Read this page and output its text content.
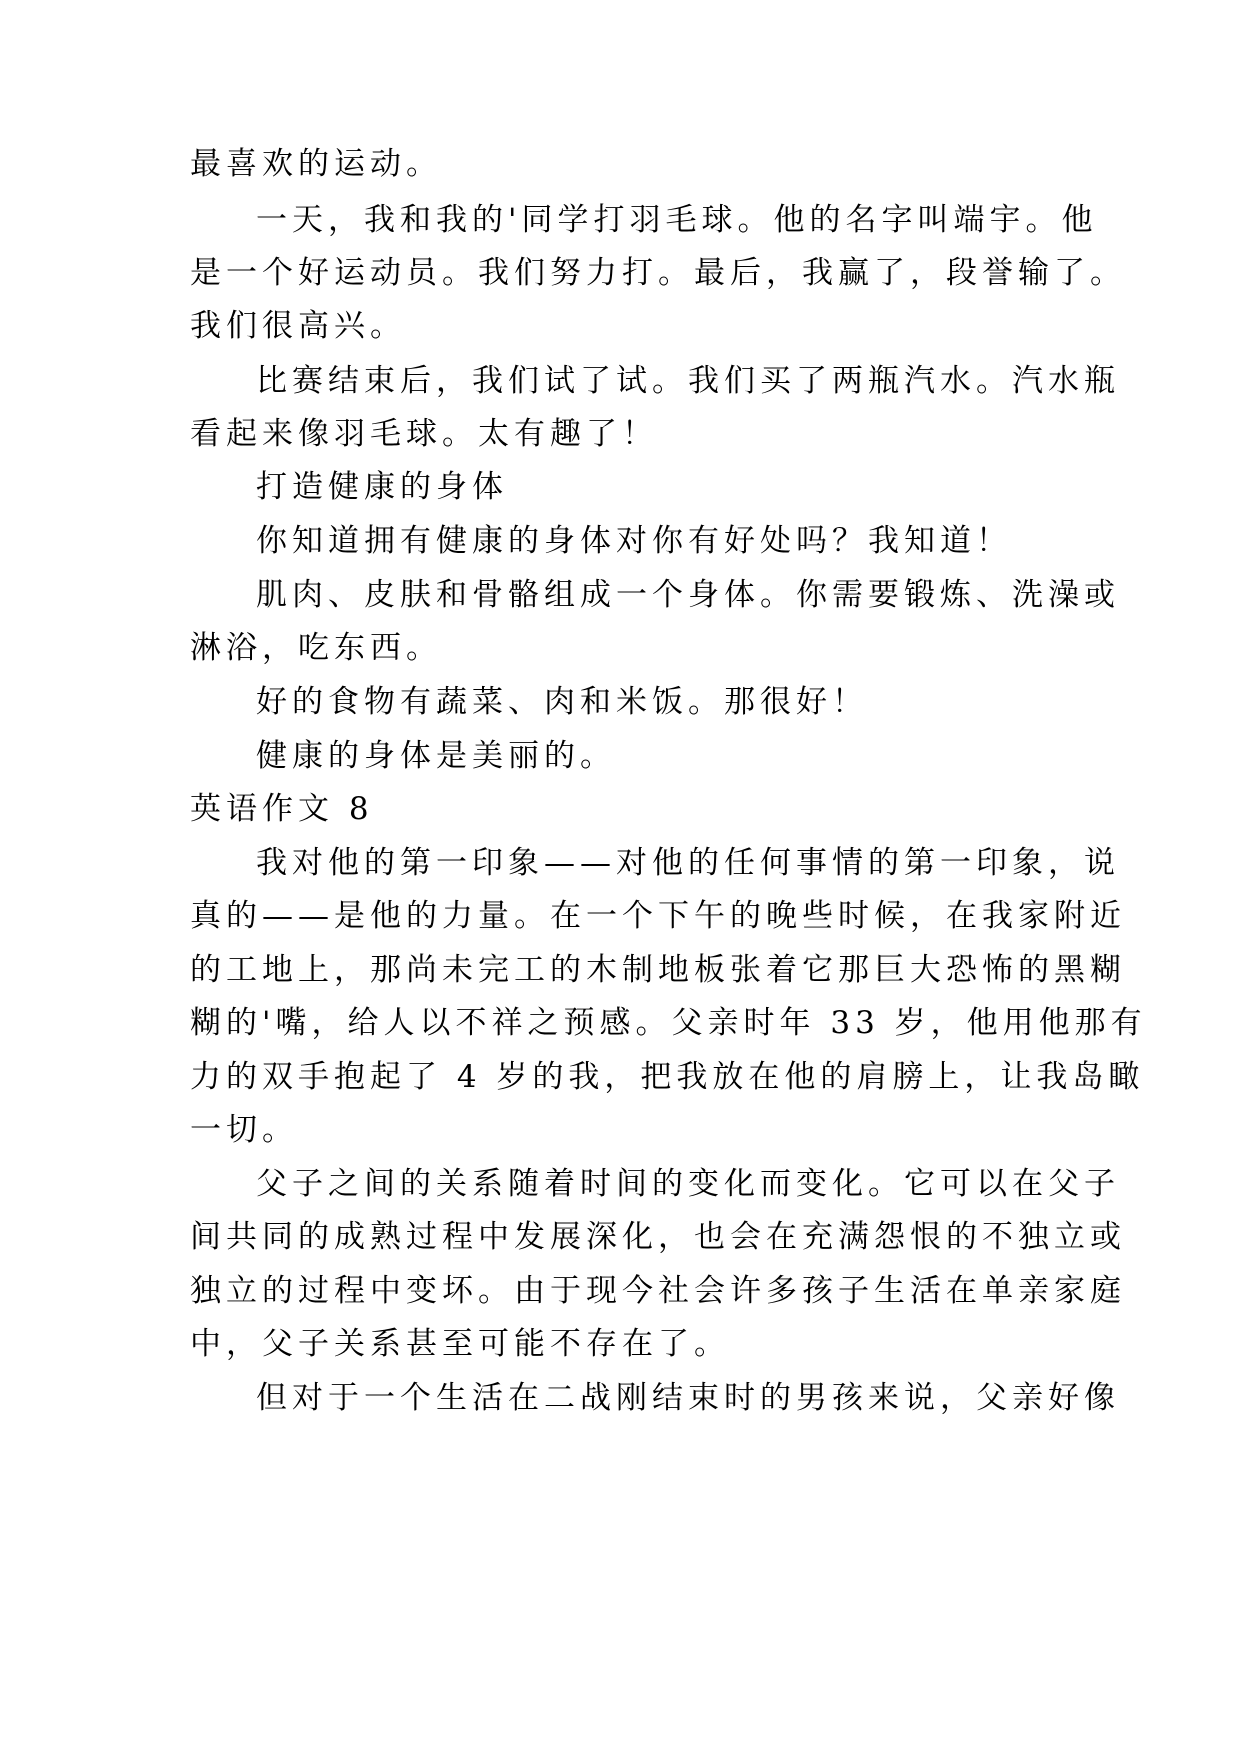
最喜欢的运动。
一天，我和我的'同学打羽毛球。他的名字叫端宇。他
是一个好运动员。我们努力打。最后，我赢了，段誉输了。
我们很高兴。
比赛结束后，我们试了试。我们买了两瓶汽水。汽水瓶
看起来像羽毛球。太有趣了！
打造健康的身体
你知道拥有健康的身体对你有好处吗？我知道！
肌肉、皮肤和骨骼组成一个身体。你需要锻炼、洗澡或
淋浴，吃东西。
好的食物有蔬菜、肉和米饭。那很好！
健康的身体是美丽的。
英语作文 8
我对他的第一印象——对他的任何事情的第一印象，说
真的——是他的力量。在一个下午的晚些时候，在我家附近
的工地上，那尚未完工的木制地板张着它那巨大恐怖的黑糊
糊的'嘴，给人以不祥之预感。父亲时年 33 岁，他用他那有
力的双手抱起了 4 岁的我，把我放在他的肩膀上，让我岛瞰
一切。
父子之间的关系随着时间的变化而变化。它可以在父子
间共同的成熟过程中发展深化，也会在充满怨恨的不独立或
独立的过程中变坏。由于现今社会许多孩子生活在单亲家庭
中，父子关系甚至可能不存在了。
但对于一个生活在二战刚结束时的男孩来说，父亲好像
